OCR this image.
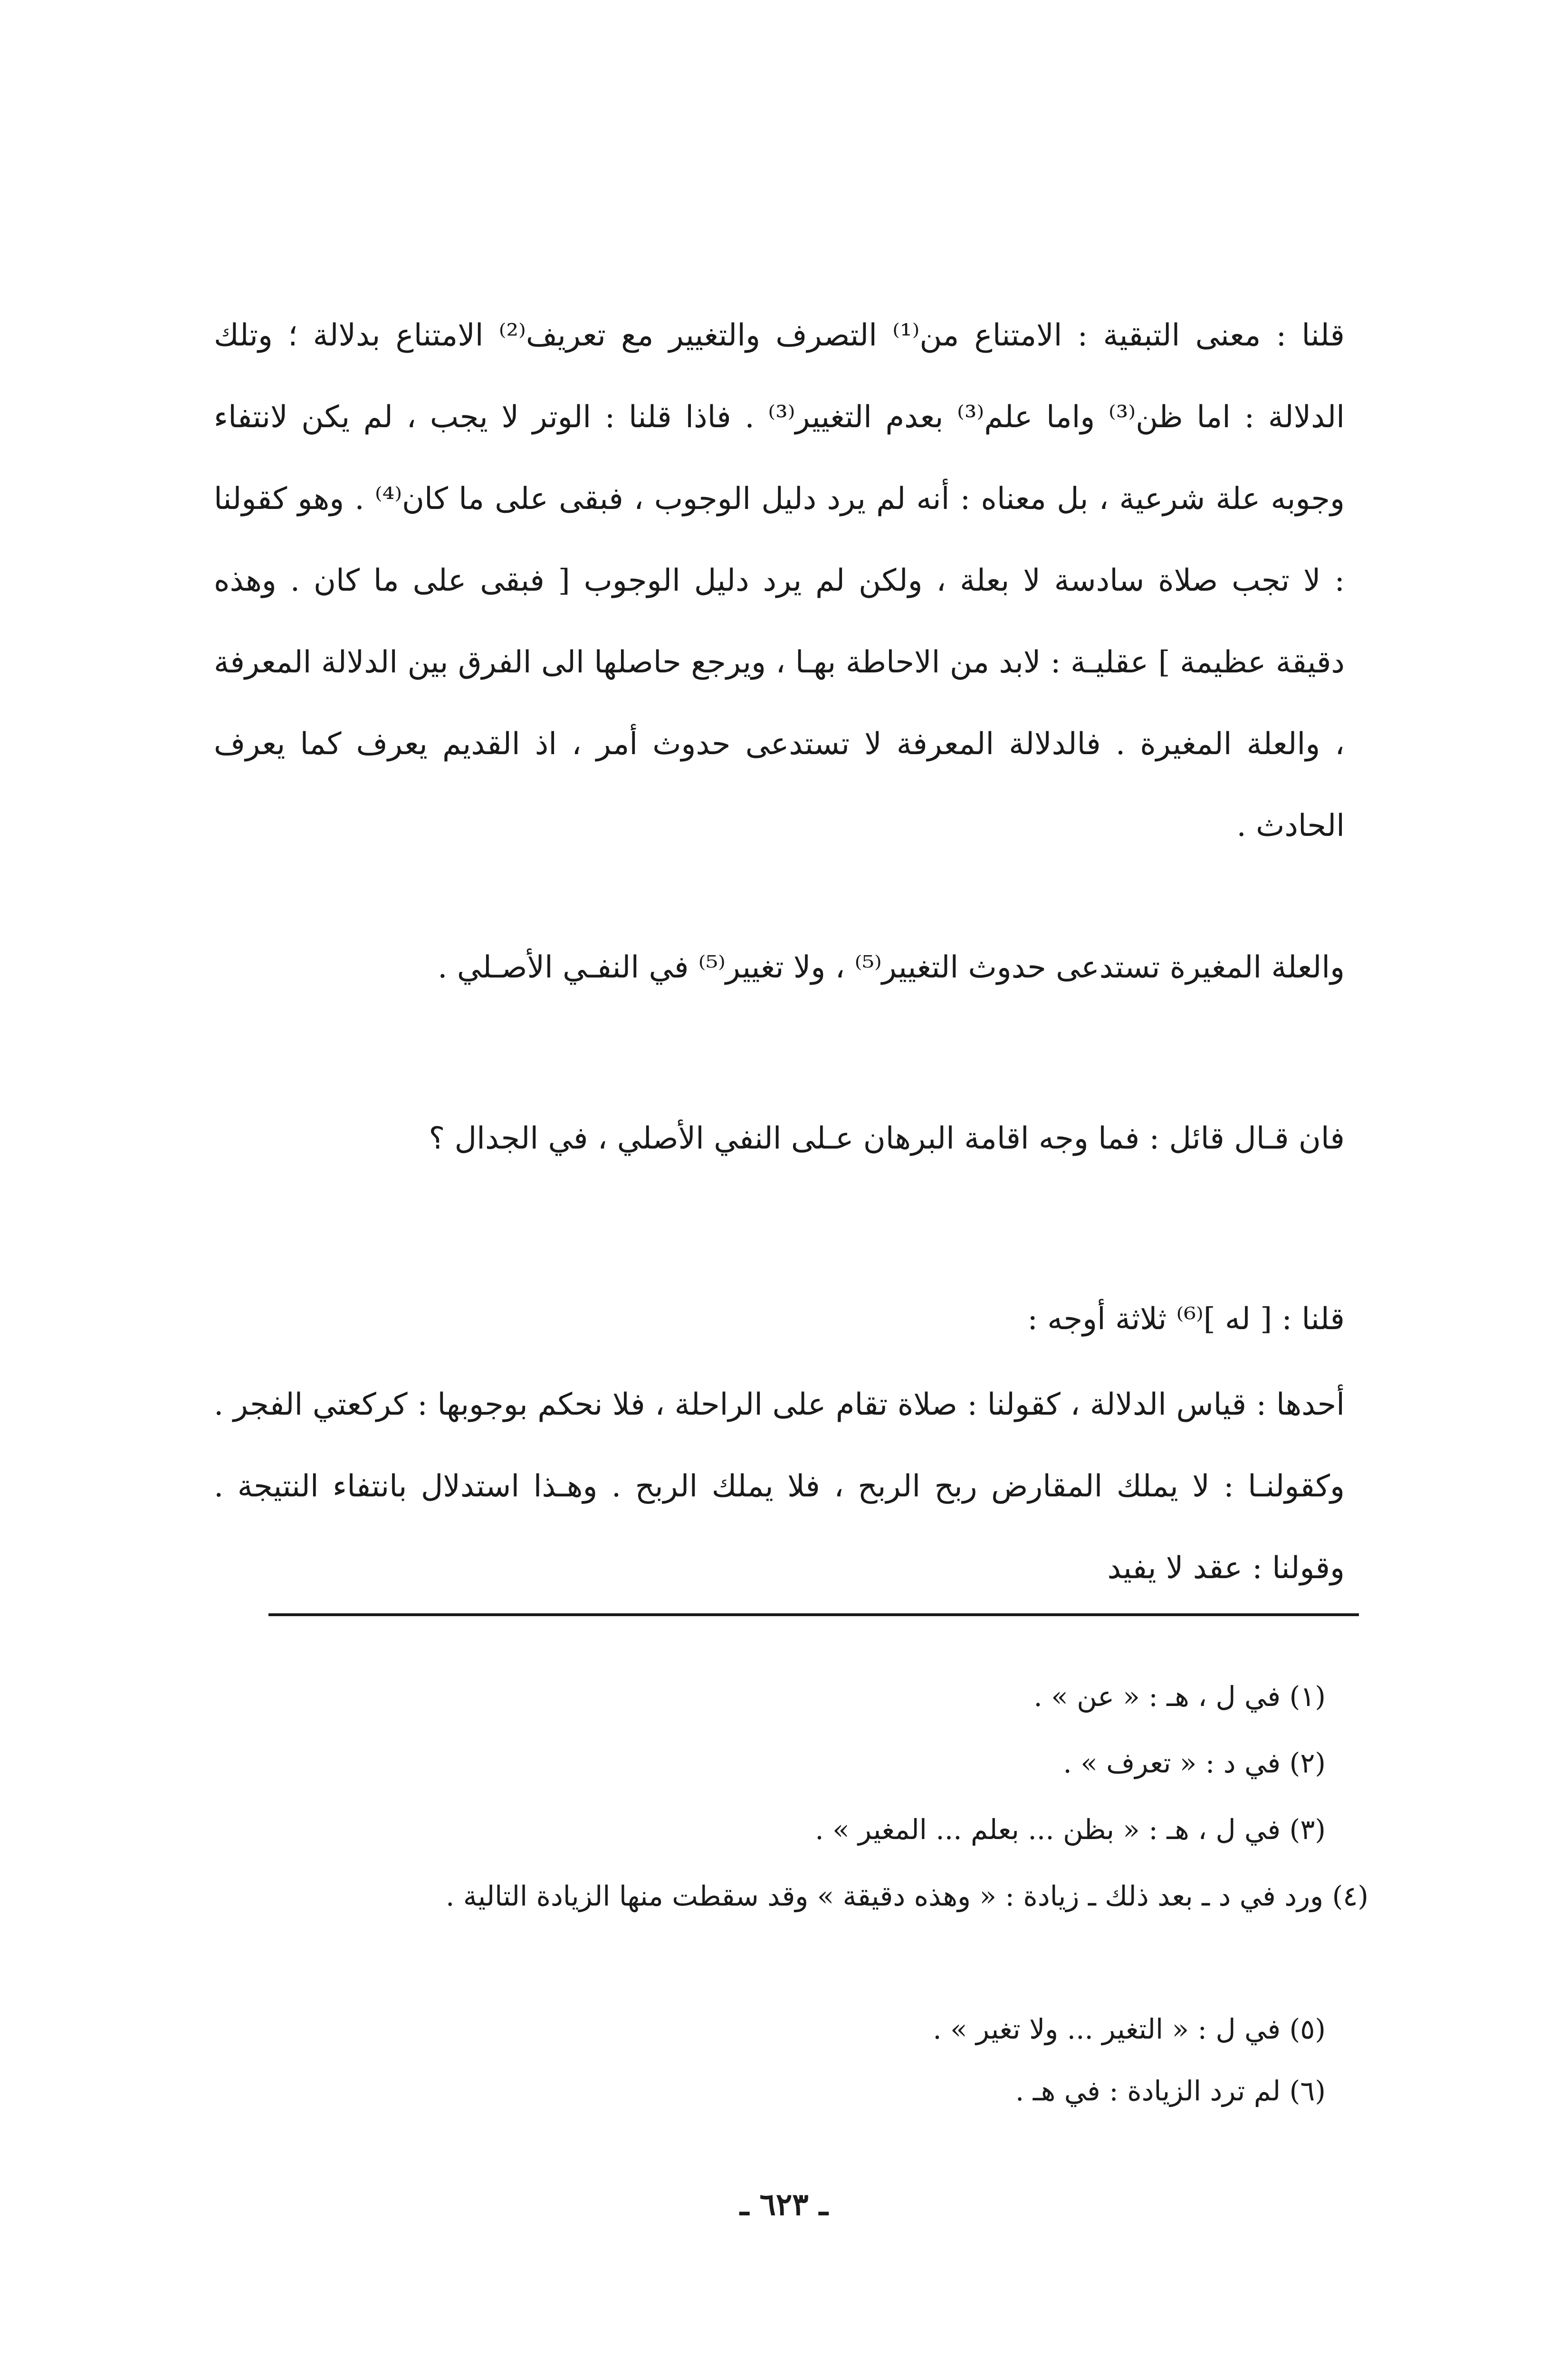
قلنا : معنى التبقية : الامتناع من⁽¹⁾ التصرف والتغيير مع تعريف⁽²⁾ الامتناع بدلالة ؛ وتلك الدلالة : اما ظن⁽³⁾ واما علم⁽³⁾ بعدم التغيير⁽³⁾ . فاذا قلنا : الوتر لا يجب ، لم يكن لانتفاء وجوبه علة شرعية ، بل معناه : أنه لم يرد دليل الوجوب ، فبقى على ما كان⁽⁴⁾ . وهو كقولنا : لا تجب صلاة سادسة لا بعلة ، ولكن لم يرد دليل الوجوب [ فبقى على ما كان . وهذه دقيقة عظيمة ] عقليـة : لابد من الاحاطة بهـا ، ويرجع حاصلها الى الفرق بين الدلالة المعرفة ، والعلة المغيرة . فالدلالة المعرفة لا تستدعى حدوث أمر ، اذ القديم يعرف كما يعرف الحادث .

والعلة المغيرة تستدعى حدوث التغيير⁽⁵⁾ ، ولا تغيير⁽⁵⁾ في النفـي الأصـلي .

فان قـال قائل : فما وجه اقامة البرهان عـلى النفي الأصلي ، في الجدال ؟

قلنا : [ له ]⁽⁶⁾ ثلاثة أوجه :

أحدها : قياس الدلالة ، كقولنا : صلاة تقام على الراحلة ، فلا نحكم بوجوبها : كركعتي الفجر . وكقولنـا : لا يملك المقارض ربح الربح ، فلا يملك الربح . وهـذا استدلال بانتفاء النتيجة . وقولنا : عقد لا يفيد

(١) في ل ، هـ : « عن » .

(٢) في د : « تعرف » .

(٣) في ل ، هـ : « بظن ... بعلم ... المغير » .

(٤) ورد في د ـ بعد ذلك ـ زيادة : « وهذه دقيقة » وقد سقطت منها الزيادة التالية .

(٥) في ل : « التغير ... ولا تغير » .

(٦) لم ترد الزيادة : في هـ .

ـ ٦٢٣ ـ
